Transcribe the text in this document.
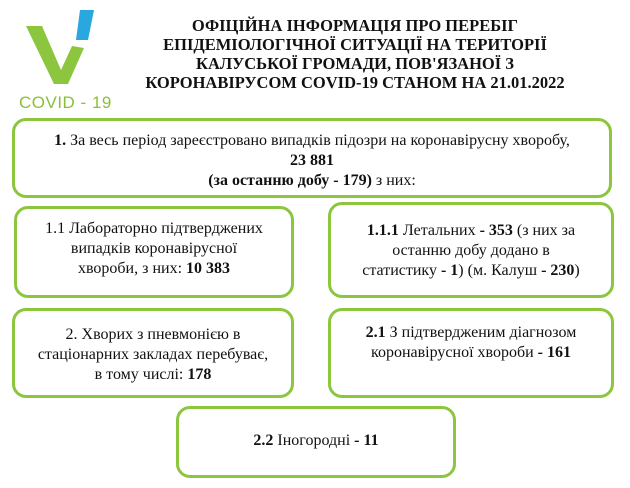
COVID - 19
ОФІЦІЙНА ІНФОРМАЦІЯ ПРО ПЕРЕБІГ
ЕПІДЕМІОЛОГІЧНОЇ СИТУАЦІЇ НА ТЕРИТОРІЇ
КАЛУСЬКОЇ ГРОМАДИ, ПОВ'ЯЗАНОЇ З
КОРОНАВІРУСОМ COVID-19 СТАНОМ НА 21.01.2022
1. За весь період зареєстровано випадків підозри на коронавірусну хворобу,
23 881
(за останню добу - 179) з них:
1.1 Лабораторно підтверджених
випадків коронавірусної
хвороби, з них: 10 383
1.1.1 Летальних - 353 (з них за
останню добу додано в
статистику - 1) (м. Калуш - 230)
2. Хворих з пневмонією в
стаціонарних закладах перебуває,
в тому числі: 178
2.1 З підтвердженим діагнозом
коронавірусної хвороби - 161
2.2 Іногородні - 11
